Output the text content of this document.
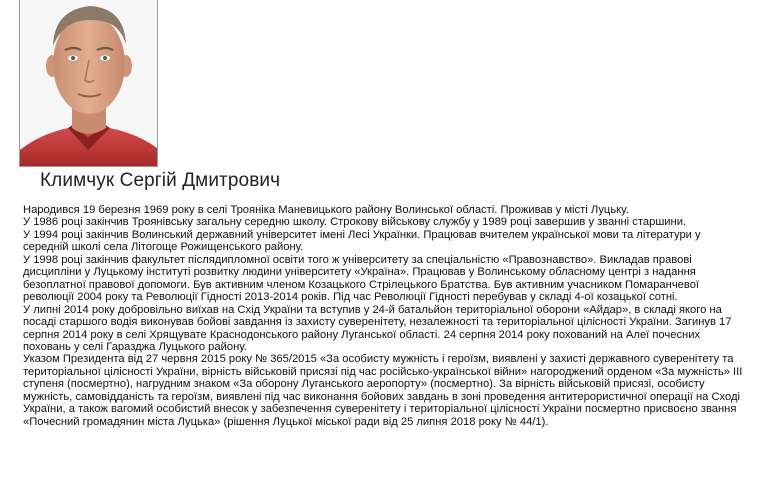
Климчук Сергій Дмитрович

Народився 19 березня 1969 року в селі Трояніка Маневицького району Волинської області. Проживав у місті Луцьку.

У 1986 році закінчив Троянівську загальну середню школу. Строкову військову службу у 1989 році завершив у званні старшини.

У 1994 році закінчив Волинський державний університет імені Лесі Українки. Працював вчителем української мови та літератури у середній школі села Літогоще Рожищенського району.

У 1998 році закінчив факультет післядипломної освіти того ж університету за спеціальністю «Правознавство». Викладав правові дисципліни у Луцькому інституті розвитку людини університету «Україна». Працював у Волинському обласному центрі з надання безоплатної правової допомоги. Був активним членом Козацького Стрілецького Братства. Був активним учасником Помаранчевої революції 2004 року та Революції Гідності 2013-2014 років. Під час Революції Гідності перебував у складі 4-ої козацької сотні.

У липні 2014 року добровільно виїхав на Схід України та вступив у 24-й батальйон територіальної оборони «Айдар», в складі якого на посаді старшого водія виконував бойові завдання із захисту суверенітету, незалежності та територіальної цілісності України. Загинув 17 серпня 2014 року в селі Хрящувате Краснодонського району Луганської області. 24 серпня 2014 року похований на Алеї почесних поховань у селі Гаразджа Луцького району.

Указом Президента від 27 червня 2015 року № 365/2015 «За особисту мужність і героїзм, виявлені у захисті державного суверенітету та територіальної цілісності України, вірність військовій присязі під час російсько-української війни» нагороджений орденом «За мужність» III ступеня (посмертно), нагрудним знаком «За оборону Луганського аеропорту» (посмертно). За вірність військовій присязі, особисту мужність, самовідданість та героїзм, виявлені під час виконання бойових завдань в зоні проведення антитерористичної операції на Сході України, а також вагомий особистий внесок у забезпечення суверенітету і територіальної цілісності України посмертно присвоєно звання «Почесний громадянин міста Луцька» (рішення Луцької міської ради від 25 липня 2018 року № 44/1).
